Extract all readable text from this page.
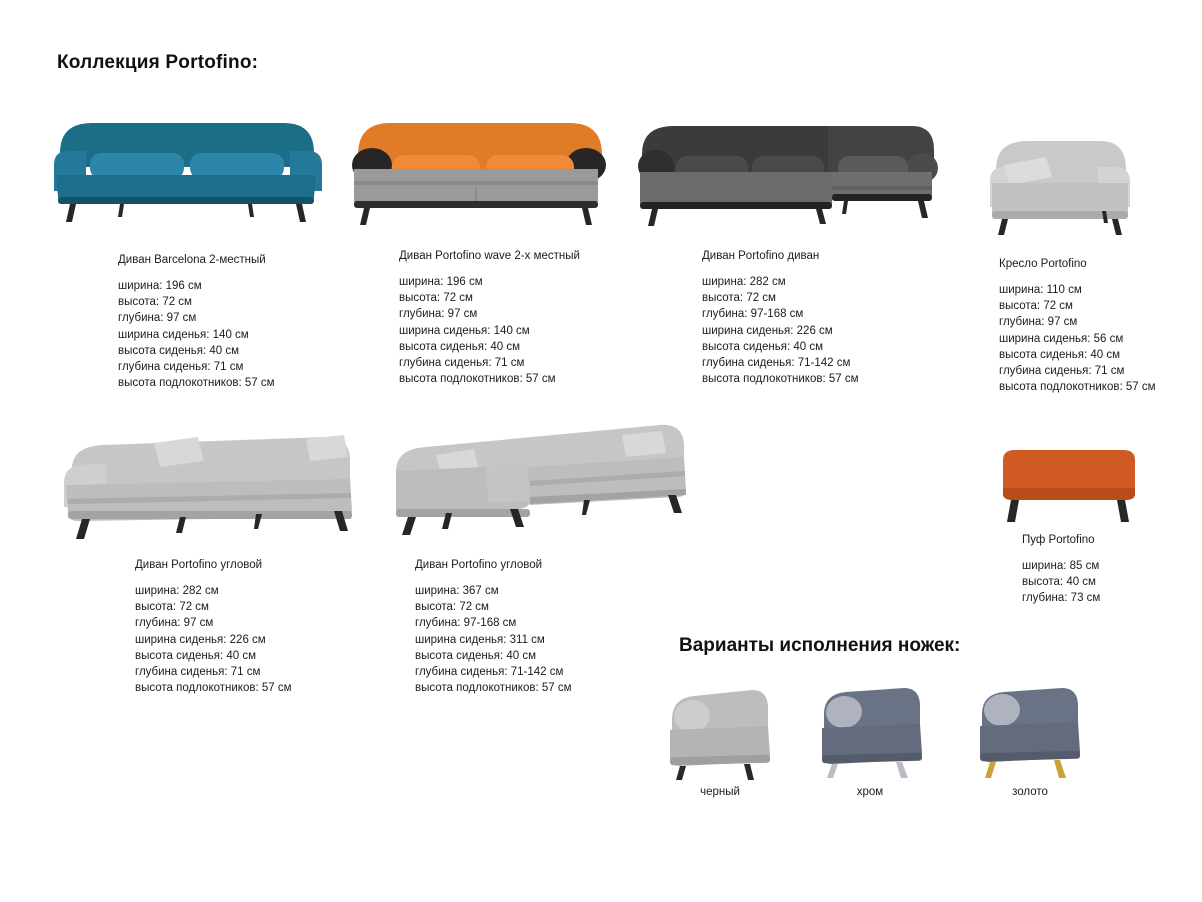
Коллекция Portofino:
Диван Barcelona 2-местный
ширина: 196 см
высота: 72 см
глубина: 97 см
ширина сиденья: 140 см
высота сиденья: 40 см
глубина сиденья: 71 см
высота подлокотников: 57 см
Диван Portofino wave 2-х местный
ширина: 196 см
высота: 72 см
глубина: 97 см
ширина сиденья: 140 см
высота сиденья: 40 см
глубина сиденья: 71 см
высота подлокотников: 57 см
Диван Portofino диван
ширина: 282 см
высота: 72 см
глубина: 97-168 см
ширина сиденья: 226 см
высота сиденья: 40 см
глубина сиденья: 71-142 см
высота подлокотников: 57 см
Кресло Portofino
ширина: 110 см
высота: 72 см
глубина: 97 см
ширина сиденья: 56 см
высота сиденья: 40 см
глубина сиденья: 71 см
высота подлокотников: 57 см
Диван Portofino угловой
ширина: 282 см
высота: 72 см
глубина: 97 см
ширина сиденья: 226 см
высота сиденья: 40 см
глубина сиденья: 71 см
высота подлокотников: 57 см
Диван Portofino угловой
ширина: 367 см
высота: 72 см
глубина: 97-168 см
ширина сиденья: 311 см
высота сиденья: 40 см
глубина сиденья: 71-142 см
высота подлокотников: 57 см
Пуф Portofino
ширина: 85 см
высота: 40 см
глубина: 73 см
Варианты исполнения ножек:
черный	хром	золото
